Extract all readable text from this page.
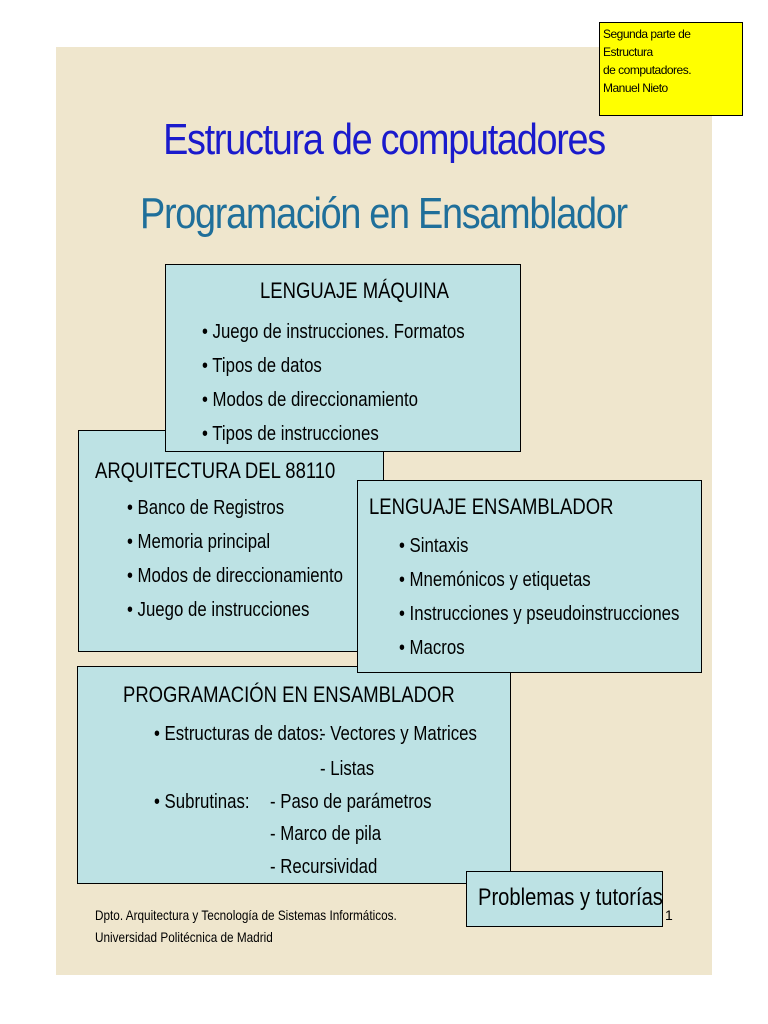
Segunda parte de Estructura
de computadores.
Manuel Nieto
Estructura de computadores
Programación en Ensamblador
LENGUAJE MÁQUINA
• Juego de instrucciones. Formatos
• Tipos de datos
• Modos de direccionamiento
• Tipos de instrucciones
ARQUITECTURA DEL 88110
• Banco de Registros
• Memoria principal
• Modos de direccionamiento
• Juego de instrucciones
LENGUAJE ENSAMBLADOR
• Sintaxis
• Mnemónicos y etiquetas
• Instrucciones y pseudoinstrucciones
• Macros
PROGRAMACIÓN EN ENSAMBLADOR
• Estructuras de datos:
- Vectores y Matrices
- Listas
• Subrutinas: - Paso de parámetros
- Marco de pila
- Recursividad
Problemas y tutorías
Dpto. Arquitectura y Tecnología de Sistemas Informáticos.
Universidad Politécnica de Madrid
1
